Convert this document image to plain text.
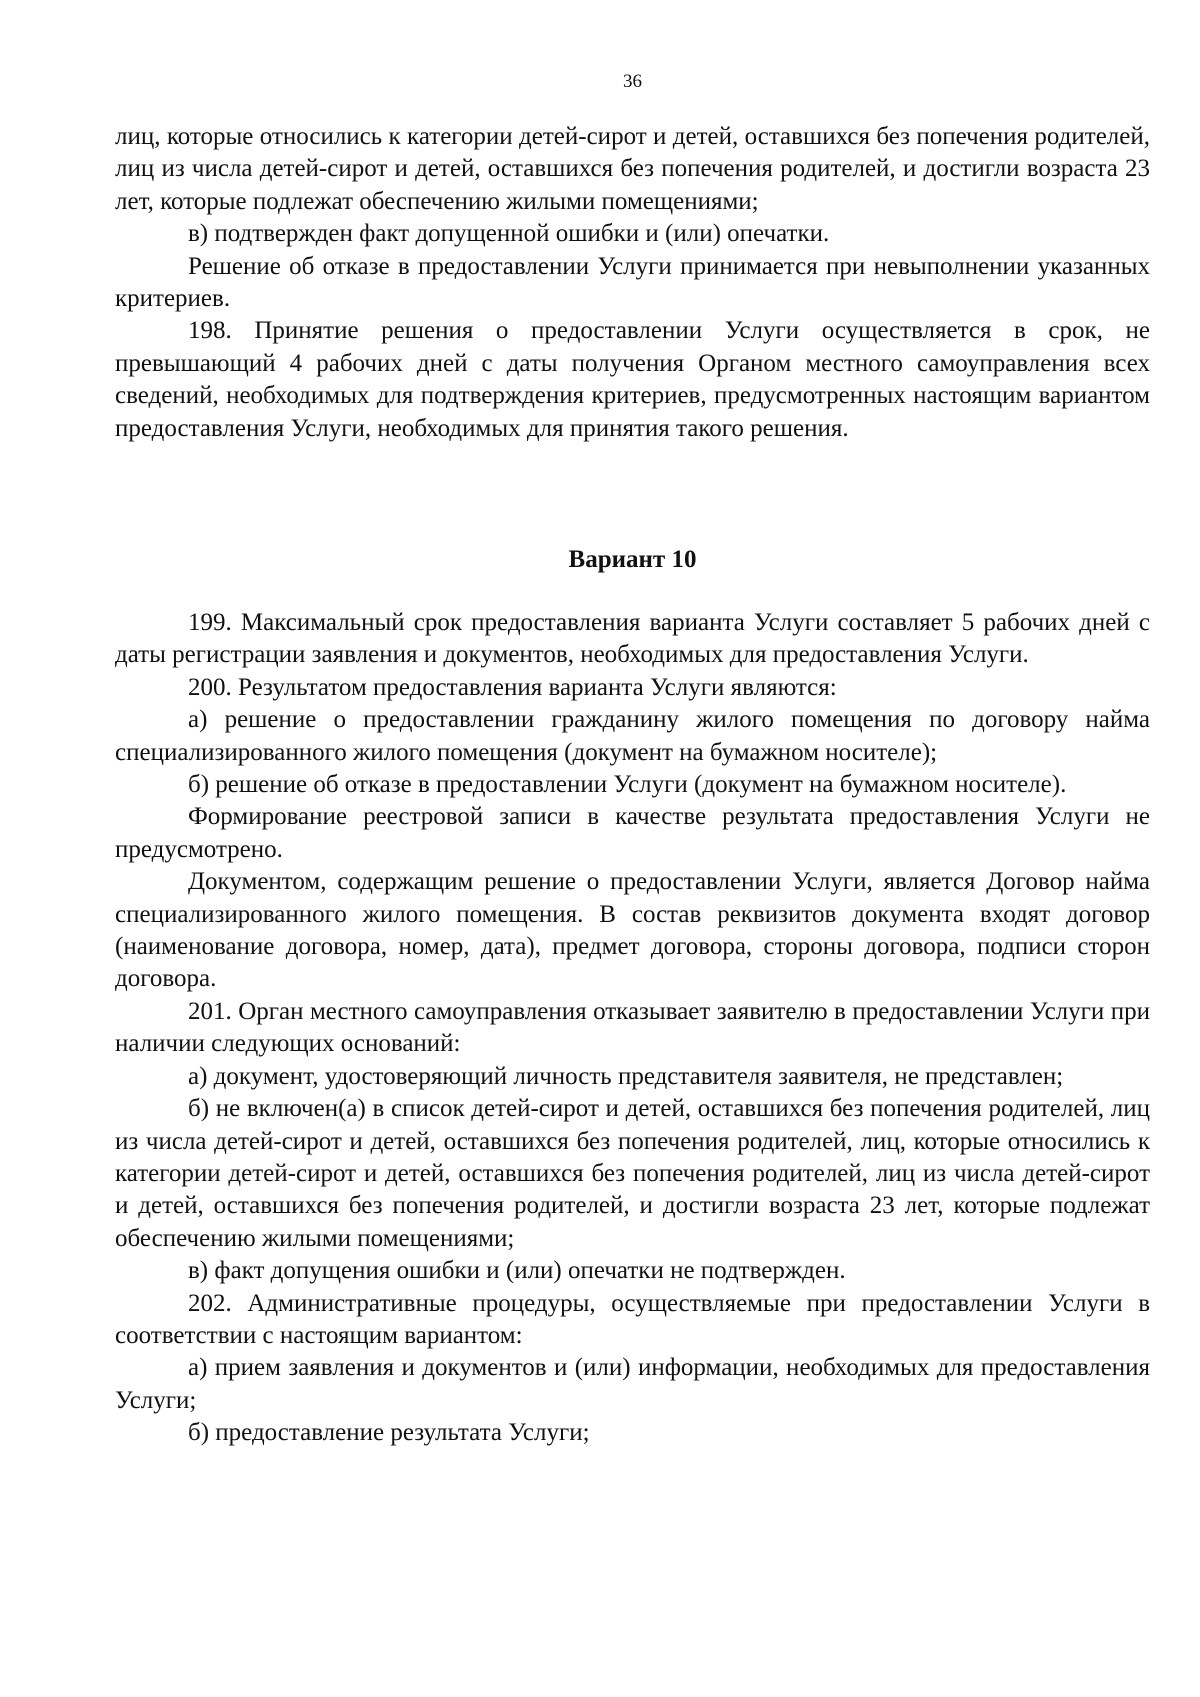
36

лиц, которые относились к категории детей-сирот и детей, оставшихся без попечения родителей, лиц из числа детей-сирот и детей, оставшихся без попечения родителей, и достигли возраста 23 лет, которые подлежат обеспечению жилыми помещениями;

в) подтвержден факт допущенной ошибки и (или) опечатки.

Решение об отказе в предоставлении Услуги принимается при невыполнении указанных критериев.

198. Принятие решения о предоставлении Услуги осуществляется в срок, не превышающий 4 рабочих дней с даты получения Органом местного самоуправления всех сведений, необходимых для подтверждения критериев, предусмотренных настоящим вариантом предоставления Услуги, необходимых для принятия такого решения.

Вариант 10

199. Максимальный срок предоставления варианта Услуги составляет 5 рабочих дней с даты регистрации заявления и документов, необходимых для предоставления Услуги.

200. Результатом предоставления варианта Услуги являются:

а) решение о предоставлении гражданину жилого помещения по договору найма специализированного жилого помещения (документ на бумажном носителе);

б) решение об отказе в предоставлении Услуги (документ на бумажном носителе).

Формирование реестровой записи в качестве результата предоставления Услуги не предусмотрено.

Документом, содержащим решение о предоставлении Услуги, является Договор найма специализированного жилого помещения. В состав реквизитов документа входят договор (наименование договора, номер, дата), предмет договора, стороны договора, подписи сторон договора.

201. Орган местного самоуправления отказывает заявителю в предоставлении Услуги при наличии следующих оснований:

а) документ, удостоверяющий личность представителя заявителя, не представлен;

б) не включен(а) в список детей-сирот и детей, оставшихся без попечения родителей, лиц из числа детей-сирот и детей, оставшихся без попечения родителей, лиц, которые относились к категории детей-сирот и детей, оставшихся без попечения родителей, лиц из числа детей-сирот и детей, оставшихся без попечения родителей, и достигли возраста 23 лет, которые подлежат обеспечению жилыми помещениями;

в) факт допущения ошибки и (или) опечатки не подтвержден.

202. Административные процедуры, осуществляемые при предоставлении Услуги в соответствии с настоящим вариантом:

а) прием заявления и документов и (или) информации, необходимых для предоставления Услуги;

б) предоставление результата Услуги;
